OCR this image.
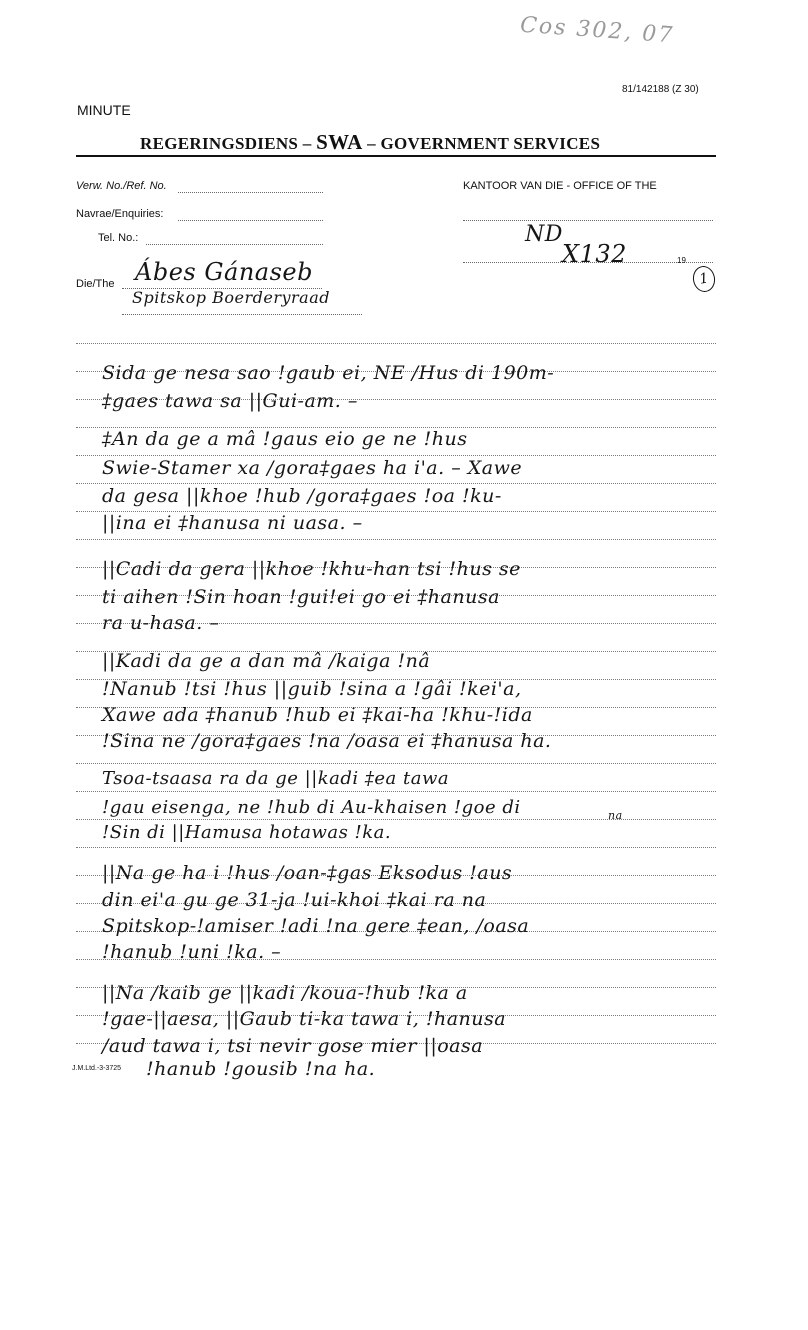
Cos 302, 07
81/142188 (Z 30)
MINUTE
REGERINGSDIENS – SWA – GOVERNMENT SERVICES
Verw. No./Ref. No.	KANTOOR VAN DIE - OFFICE OF THE
Navrae/Enquiries:
Tel. No.:	ND
X132	19
Die/The Ábes Gánaseb
Spitskop Boerderyraad
1
Sida ge nesa sao !gaub ei, NE /Hus di 190m-
‡gaes tawa sa ||Gui-am. –
‡An da ge a mâ !gaus eio ge ne !hus
Swie-Stamer xa /gora‡gaes ha i'a. – Xawe
da gesa ||khoe !hub /gora‡gaes !oa !ku-
||ina ei ‡hanusa ni uasa. –
||Cadi da gera ||khoe !khu-han tsi !hus se
ti aihen !Sin hoan !gui!ei go ei ‡hanusa
ra u-hasa. –
||Kadi da ge a dan mâ /kaiga !nâ
!Nanub !tsi !hus ||guib !sina a !gâi !kei'a,
Xawe ada ‡hanub !hub ei ‡kai-ha !khu-!ida
!Sina ne /gora‡gaes !na /oasa ei ‡hanusa ha.
Tsoa-tsaasa ra da ge ||kadi ‡ea tawa
!gau eisenga, ne !hub di Au-khaisen !goe di
!Sin di ||Hamusa hotawas !ka.
||Na ge ha i !hus /oan-‡gas Eksodus !aus
din ei'a gu ge 31-ja !ui-khoi ‡kai ra na
Spitskop-!amiser !adi !na gere ‡ean, /oasa
!hanub !uni !ka. –
||Na /kaib ge ||kadi /koua-!hub !ka a
!gae-||aesa, ||Gaub ti-ka tawa i, !hanusa
/aud tawa i, tsi nevir gose mier ||oasa
!hanub !gousib !na ha.
na
J.M.Ltd.-3-3725
